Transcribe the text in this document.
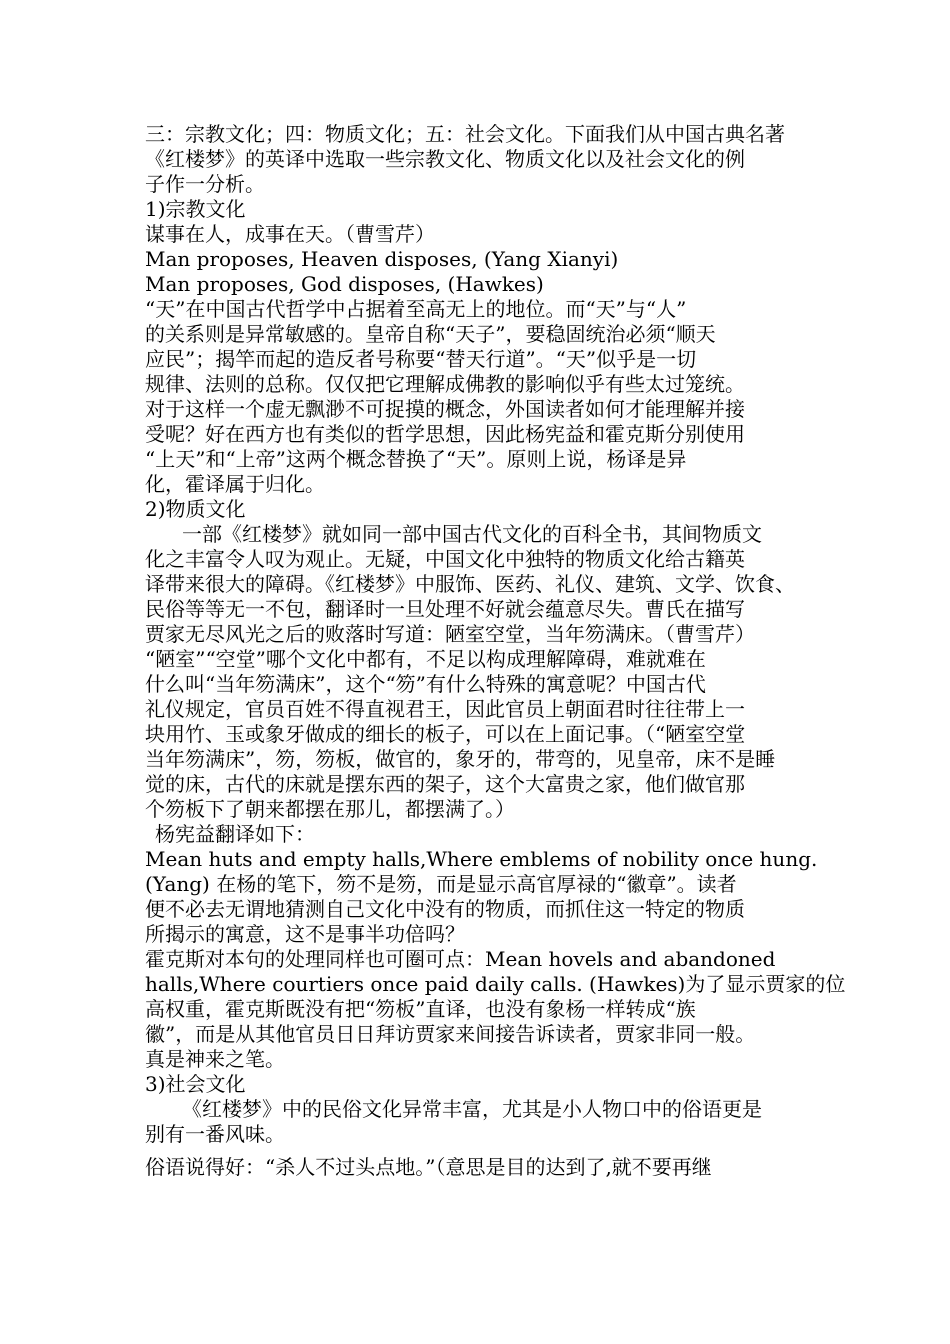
三：宗教文化；四：物质文化；五：社会文化。下面我们从中国古典名著
《红楼梦》的英译中选取一些宗教文化、物质文化以及社会文化的例
子作一分析。
1)宗教文化
谋事在人，成事在天。（曹雪芹）
Man proposes, Heaven disposes, (Yang Xianyi)
Man proposes, God disposes, (Hawkes)
“天”在中国古代哲学中占据着至高无上的地位。而“天”与“人”
的关系则是异常敏感的。皇帝自称“天子”，要稳固统治必须“顺天
应民”；揭竿而起的造反者号称要“替天行道”。“天”似乎是一切
规律、法则的总称。仅仅把它理解成佛教的影响似乎有些太过笼统。
对于这样一个虚无飘渺不可捉摸的概念，外国读者如何才能理解并接
受呢？好在西方也有类似的哲学思想，因此杨宪益和霍克斯分别使用
“上天”和“上帝”这两个概念替换了“天”。原则上说，杨译是异
化，霍译属于归化。
2)物质文化
一部《红楼梦》就如同一部中国古代文化的百科全书，其间物质文
化之丰富令人叹为观止。无疑，中国文化中独特的物质文化给古籍英
译带来很大的障碍。《红楼梦》中服饰、医药、礼仪、建筑、文学、饮食、
民俗等等无一不包，翻译时一旦处理不好就会蕴意尽失。曹氏在描写
贾家无尽风光之后的败落时写道：陋室空堂，当年笏满床。（曹雪芹）
“陋室”“空堂”哪个文化中都有，不足以构成理解障碍，难就难在
什么叫“当年笏满床”，这个“笏”有什么特殊的寓意呢？中国古代
礼仪规定，官员百姓不得直视君王，因此官员上朝面君时往往带上一
块用竹、玉或象牙做成的细长的板子，可以在上面记事。（“陋室空堂
当年笏满床”，笏，笏板，做官的，象牙的，带弯的，见皇帝，床不是睡
觉的床，古代的床就是摆东西的架子，这个大富贵之家，他们做官那
个笏板下了朝来都摆在那儿，都摆满了。）
杨宪益翻译如下：
Mean huts and empty halls,Where emblems of nobility once hung.
(Yang) 在杨的笔下，笏不是笏，而是显示高官厚禄的“徽章”。读者
便不必去无谓地猜测自己文化中没有的物质，而抓住这一特定的物质
所揭示的寓意，这不是事半功倍吗？
霍克斯对本句的处理同样也可圈可点：Mean hovels and abandoned
halls,Where courtiers once paid daily calls. (Hawkes)为了显示贾家的位
高权重，霍克斯既没有把“笏板”直译，也没有象杨一样转成“族
徽”，而是从其他官员日日拜访贾家来间接告诉读者，贾家非同一般。
真是神来之笔。
3)社会文化
《红楼梦》中的民俗文化异常丰富，尤其是小人物口中的俗语更是
别有一番风味。
俗语说得好：“杀人不过头点地。”（意思是目的达到了,就不要再继
